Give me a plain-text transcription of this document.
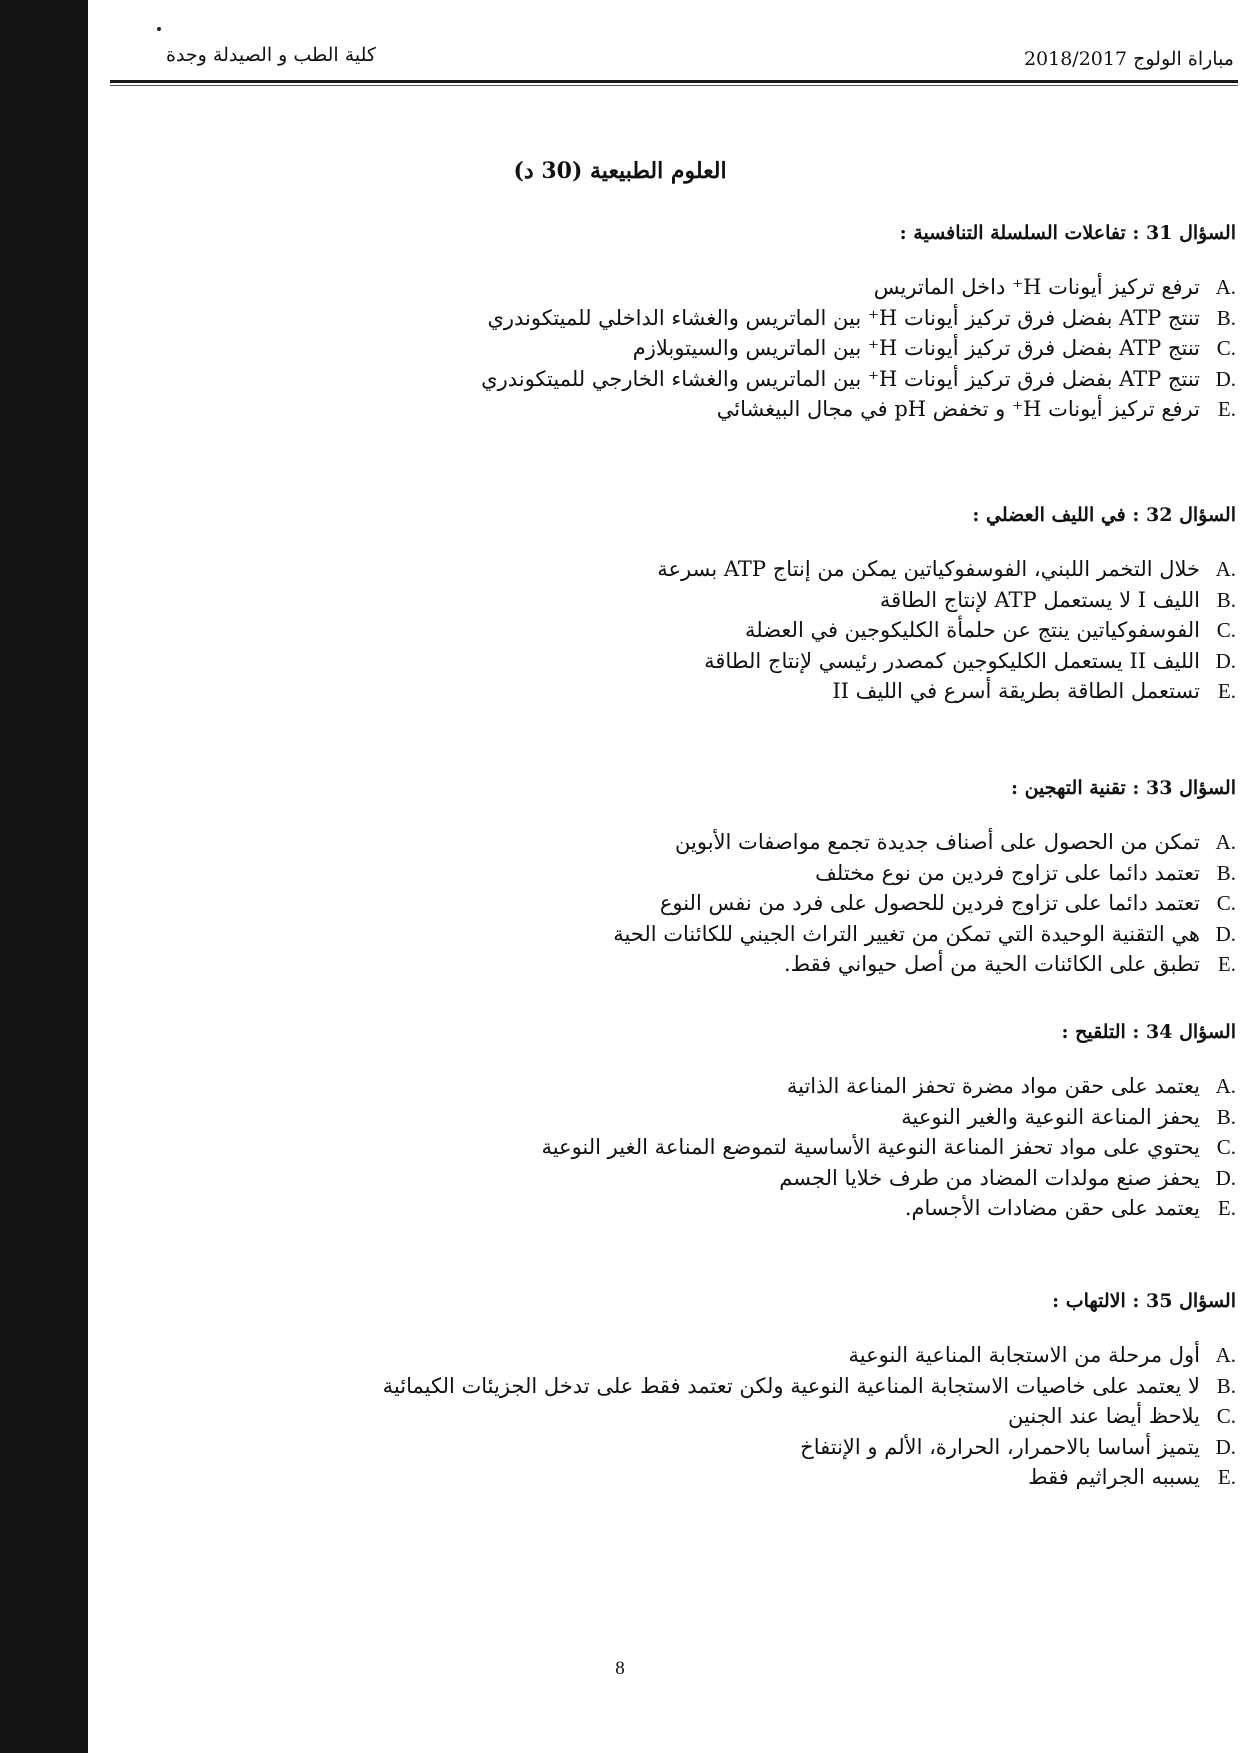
كلية الطب و الصيدلة وجدة	مباراة الولوج 2018/2017
العلوم الطبيعية (30 د)

السؤال 31 : تفاعلات السلسلة التنافسية :

A.
ترفع تركيز أيونات H⁺ داخل الماتريس
B.
تنتج ATP بفضل فرق تركيز أيونات H⁺ بين الماتريس والغشاء الداخلي للميتكوندري
C.
تنتج ATP بفضل فرق تركيز أيونات H⁺ بين الماتريس والسيتوبلازم
D.
تنتج ATP بفضل فرق تركيز أيونات H⁺ بين الماتريس والغشاء الخارجي للميتكوندري
E.
ترفع تركيز أيونات H⁺ و تخفض pH في مجال البيغشائي

السؤال 32 : في الليف العضلي :

A.
خلال التخمر اللبني، الفوسفوكياتين يمكن من إنتاج ATP بسرعة
B.
الليف I لا يستعمل ATP لإنتاج الطاقة
C.
الفوسفوكياتين ينتج عن حلمأة الكليكوجين في العضلة
D.
الليف II يستعمل الكليكوجين كمصدر رئيسي لإنتاج الطاقة
E.
تستعمل الطاقة بطريقة أسرع في الليف II

السؤال 33 : تقنية التهجين :

A.
تمكن من الحصول على أصناف جديدة تجمع مواصفات الأبوين
B.
تعتمد دائما على تزاوج فردين من نوع مختلف
C.
تعتمد دائما على تزاوج فردين للحصول على فرد من نفس النوع
D.
هي التقنية الوحيدة التي تمكن من تغيير التراث الجيني للكائنات الحية
E.
تطبق على الكائنات الحية من أصل حيواني فقط.

السؤال 34 : التلقيح :

A.
يعتمد على حقن مواد مضرة تحفز المناعة الذاتية
B.
يحفز المناعة النوعية والغير النوعية
C.
يحتوي على مواد تحفز المناعة النوعية الأساسية لتموضع المناعة الغير النوعية
D.
يحفز صنع مولدات المضاد من طرف خلايا الجسم
E.
يعتمد على حقن مضادات الأجسام.

السؤال 35 : الالتهاب :

A.
أول مرحلة من الاستجابة المناعية النوعية
B.
لا يعتمد على خاصيات الاستجابة المناعية النوعية ولكن تعتمد فقط على تدخل الجزيئات الكيمائية
C.
يلاحظ أيضا عند الجنين
D.
يتميز أساسا بالاحمرار، الحرارة، الألم و الإنتفاخ
E.
يسببه الجراثيم فقط
8
